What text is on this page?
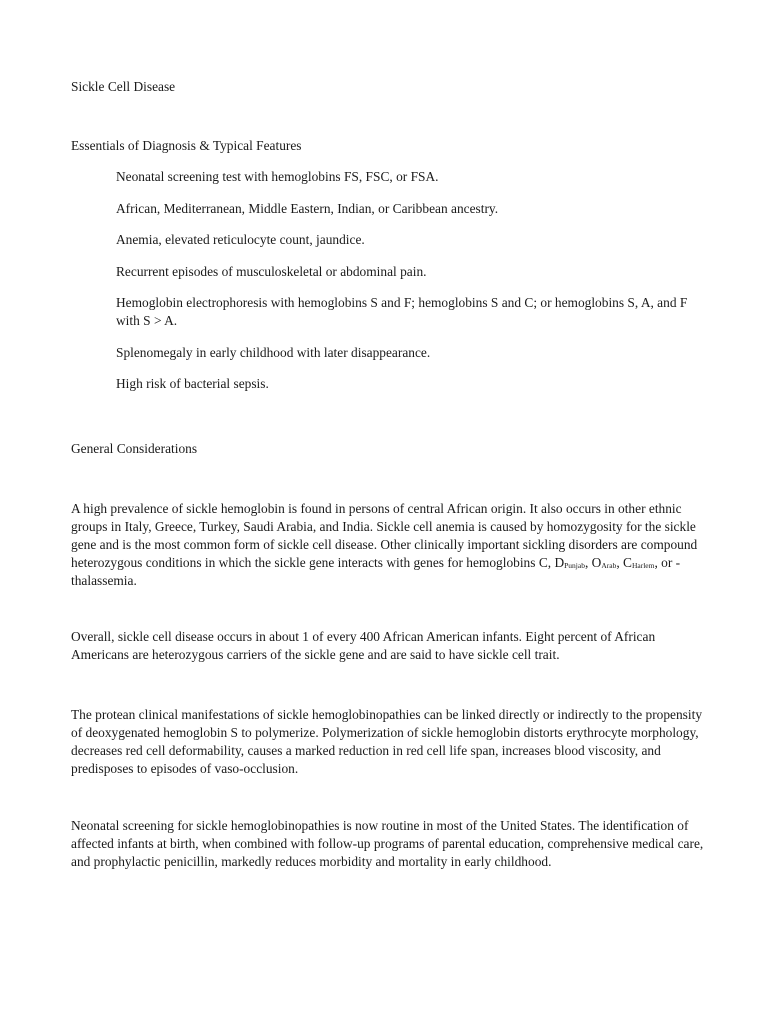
Sickle Cell Disease

Essentials of Diagnosis & Typical Features

Neonatal screening test with hemoglobins FS, FSC, or FSA.
African, Mediterranean, Middle Eastern, Indian, or Caribbean ancestry.
Anemia, elevated reticulocyte count, jaundice.
Recurrent episodes of musculoskeletal or abdominal pain.
Hemoglobin electrophoresis with hemoglobins S and F; hemoglobins S and C; or hemoglobins S, A, and F with S > A.
Splenomegaly in early childhood with later disappearance.
High risk of bacterial sepsis.

General Considerations

A high prevalence of sickle hemoglobin is found in persons of central African origin. It also occurs in other ethnic groups in Italy, Greece, Turkey, Saudi Arabia, and India. Sickle cell anemia is caused by homozygosity for the sickle gene and is the most common form of sickle cell disease. Other clinically important sickling disorders are compound heterozygous conditions in which the sickle gene interacts with genes for hemoglobins C, $D_{Punjab}$, $O_{Arab}$, $C_{Harlem}$, or -thalassemia.

Overall, sickle cell disease occurs in about 1 of every 400 African American infants. Eight percent of African Americans are heterozygous carriers of the sickle gene and are said to have sickle cell trait.

The protean clinical manifestations of sickle hemoglobinopathies can be linked directly or indirectly to the propensity of deoxygenated hemoglobin S to polymerize. Polymerization of sickle hemoglobin distorts erythrocyte morphology, decreases red cell deformability, causes a marked reduction in red cell life span, increases blood viscosity, and predisposes to episodes of vaso-occlusion.

Neonatal screening for sickle hemoglobinopathies is now routine in most of the United States. The identification of affected infants at birth, when combined with follow-up programs of parental education, comprehensive medical care, and prophylactic penicillin, markedly reduces morbidity and mortality in early childhood.
